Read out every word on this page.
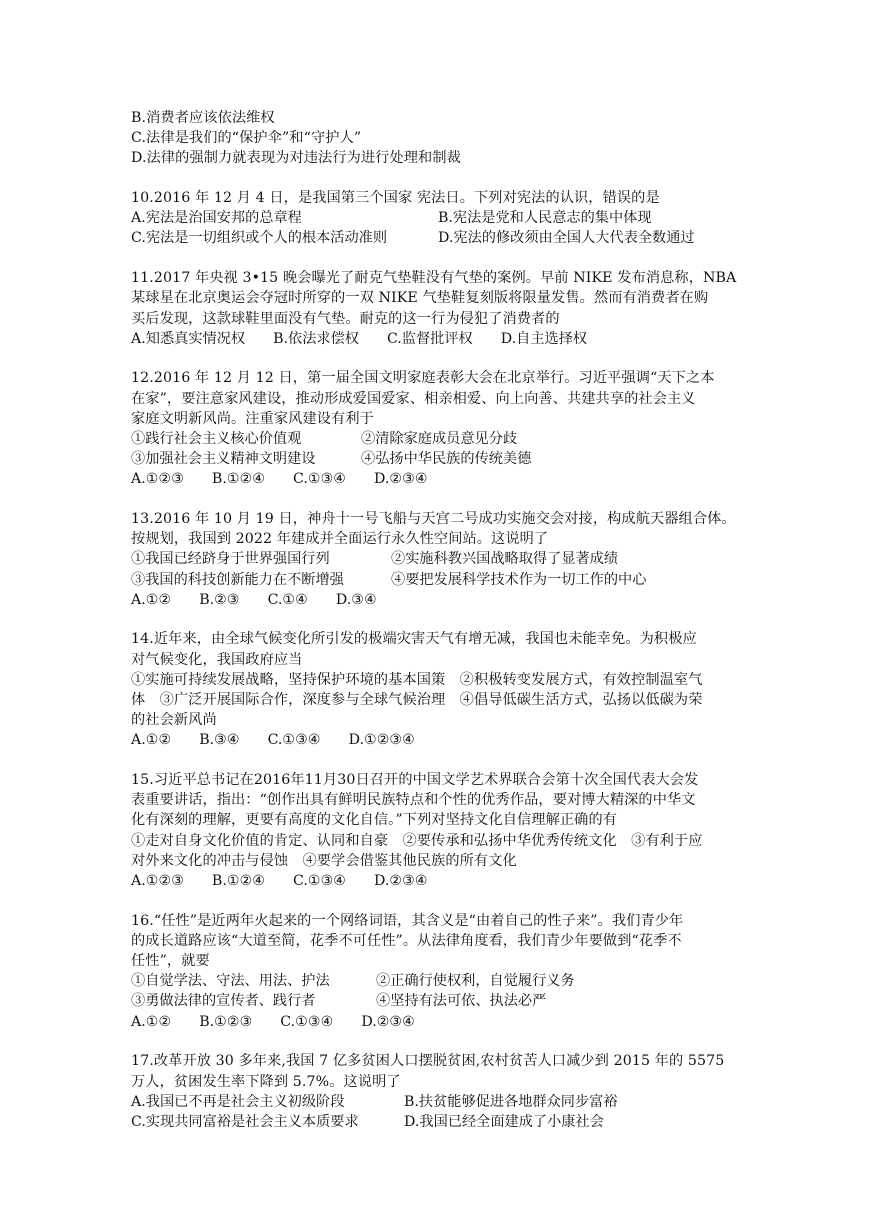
B.消费者应该依法维权
C.法律是我们的“保护伞”和“守护人”
D.法律的强制力就表现为对违法行为进行处理和制裁
10.2016 年 12 月 4 日，是我国第三个国家 宪法日。下列对宪法的认识，错误的是
A.宪法是治国安邦的总章程	B.宪法是党和人民意志的集中体现
C.宪法是一切组织或个人的根本活动准则	D.宪法的修改须由全国人大代表全数通过
11.2017 年央视 3•15 晚会曝光了耐克气垫鞋没有气垫的案例。早前 NIKE 发布消息称，NBA
某球星在北京奥运会夺冠时所穿的一双 NIKE 气垫鞋复刻版将限量发售。然而有消费者在购
买后发现，这款球鞋里面没有气垫。耐克的这一行为侵犯了消费者的
A.知悉真实情况权 B.依法求偿权 C.监督批评权 D.自主选择权
12.2016 年 12 月 12 日，第一届全国文明家庭表彰大会在北京举行。习近平强调“天下之本
在家”，要注意家风建设，推动形成爱国爱家、相亲相爱、向上向善、共建共享的社会主义
家庭文明新风尚。注重家风建设有利于
①践行社会主义核心价值观	②清除家庭成员意见分歧
③加强社会主义精神文明建设	④弘扬中华民族的传统美德
A.①②③ B.①②④ C.①③④ D.②③④
13.2016 年 10 月 19 日，神舟十一号飞船与天宫二号成功实施交会对接，构成航天器组合体。
按规划，我国到 2022 年建成并全面运行永久性空间站。这说明了
①我国已经跻身于世界强国行列	②实施科教兴国战略取得了显著成绩
③我国的科技创新能力在不断增强	④要把发展科学技术作为一切工作的中心
A.①② B.②③ C.①④ D.③④
14.近年来，由全球气候变化所引发的极端灾害天气有增无减，我国也未能幸免。为积极应
对气候变化，我国政府应当
①实施可持续发展战略，坚持保护环境的基本国策　②积极转变发展方式，有效控制温室气
体　③广泛开展国际合作，深度参与全球气候治理　④倡导低碳生活方式，弘扬以低碳为荣
的社会新风尚
A.①② B.③④ C.①③④ D.①②③④
15.习近平总书记在2016年11月30日召开的中国文学艺术界联合会第十次全国代表大会发
表重要讲话，指出：“创作出具有鲜明民族特点和个性的优秀作品，要对博大精深的中华文
化有深刻的理解，更要有高度的文化自信。”下列对坚持文化自信理解正确的有
①走对自身文化价值的肯定、认同和自豪　②要传承和弘扬中华优秀传统文化　③有利于应
对外来文化的冲击与侵蚀　④要学会借鉴其他民族的所有文化
A.①②③ B.①②④ C.①③④ D.②③④
16.“任性”是近两年火起来的一个网络词语，其含义是“由着自己的性子来”。我们青少年
的成长道路应该“大道至简，花季不可任性”。从法律角度看，我们青少年要做到“花季不
任性”，就要
①自觉学法、守法、用法、护法	②正确行使权利，自觉履行义务
③勇做法律的宣传者、践行者	④坚持有法可依、执法必严
A.①② B.①②③ C.①③④ D.②③④
17.改革开放 30 多年来,我国 7 亿多贫困人口摆脱贫困,农村贫苦人口减少到 2015 年的 5575
万人，贫困发生率下降到 5.7%。这说明了
A.我国已不再是社会主义初级阶段	B.扶贫能够促进各地群众同步富裕
C.实现共同富裕是社会主义本质要求	D.我国已经全面建成了小康社会
